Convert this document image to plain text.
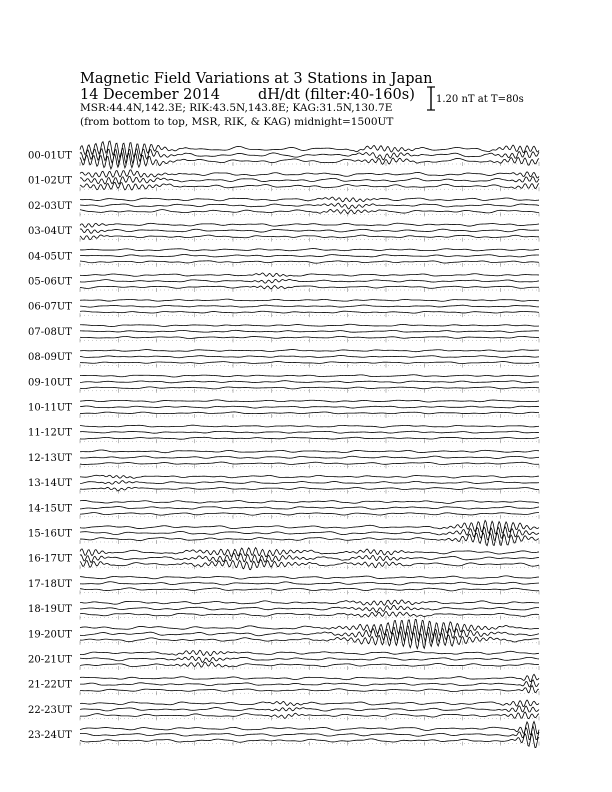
Magnetic Field Variations at 3 Stations in Japan
14 December 2014	dH/dt (filter:40-160s)
MSR:44.4N,142.3E; RIK:43.5N,143.8E; KAG:31.5N,130.7E
(from bottom to top, MSR, RIK, & KAG) midnight=1500UT
1.20 nT at T=80s
00-01UT
01-02UT
02-03UT
03-04UT
04-05UT
05-06UT
06-07UT
07-08UT
08-09UT
09-10UT
10-11UT
11-12UT
12-13UT
13-14UT
14-15UT
15-16UT
16-17UT
17-18UT
18-19UT
19-20UT
20-21UT
21-22UT
22-23UT
23-24UT
